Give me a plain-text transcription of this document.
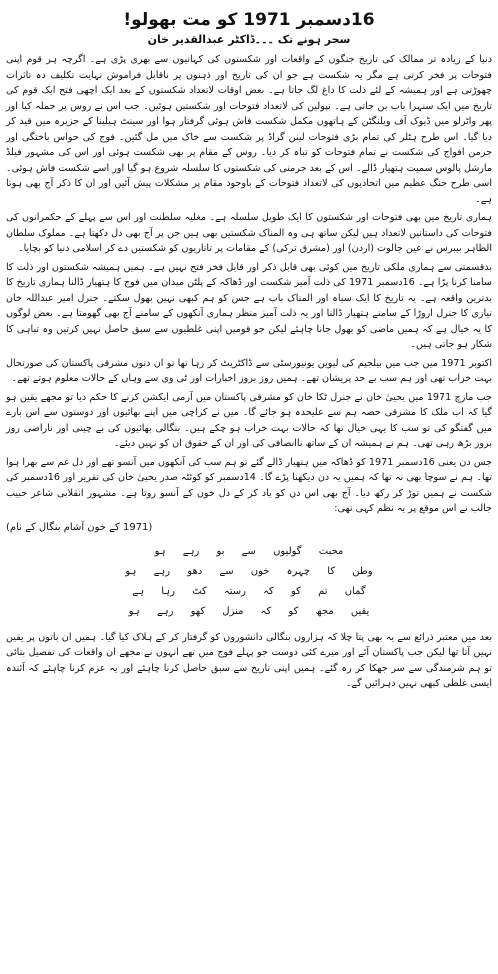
16دسمبر 1971 کو مت بھولو!
سحر ہونے تک ۔۔۔ڈاکٹر عبدالقدیر خان

دنیا کے زیادہ تر ممالک کی تاریخ جنگوں کے واقعات اور شکستوں کی کہانیوں سے بھری پڑی ہے۔ اگرچہ ہر قوم اپنی فتوحات پر فخر کرتی ہے مگر یہ شکست ہے جو ان کی تاریخ اور ذہنوں پر ناقابل فراموش نہایت تکلیف دہ تاثرات چھوڑتی ہے اور ہمیشہ کے لئے ذلت کا داغ لگ جاتا ہے۔ بعض اوقات لاتعداد شکستوں کے بعد ایک اچھی فتح ایک قوم کی تاریخ میں ایک سنہرا باب بن جاتی ہے۔ نپولین کی لاتعداد فتوحات اور شکستیں ہوئیں۔ جب اس نے روس پر حملہ کیا اور پھر واٹرلو میں ڈیوک آف ویلنگٹن کے ہاتھوں مکمل شکست فاش ہوئی گرفتار ہوا اور سینٹ ہیلینا کے جزیرہ میں قید کر دیا گیا۔ اس طرح ہٹلر کی تمام بڑی فتوحات لینن گراڈ پر شکست سے خاک میں مل گئیں۔ فوج کی حواس باختگی اور جرمن افواج کی شکست نے تمام فتوحات کو تباہ کر دیا۔ روس کے مقام پر بھی شکست ہوئی اور اس کی مشہور فیلڈ مارشل پالوس سمیت ہتھیار ڈالے۔ اس کے بعد جرمنی کی شکستوں کا سلسلہ شروع ہو گیا اور اسے شکست فاش ہوئی۔ اسی طرح جنگ عظیم میں اتحادیوں کی لاتعداد فتوحات کے باوجود مقام پر مشکلات پیش آئیں اور ان کا ذکر آج بھی ہوتا ہے۔

ہماری تاریخ میں بھی فتوحات اور شکستوں کا ایک طویل سلسلہ ہے۔ مغلیہ سلطنت اور اس سے پہلے کے حکمرانوں کی فتوحات کی داستانیں لاتعداد ہیں لیکن ساتھ ہی وہ المناک شکستیں بھی ہیں جن پر آج بھی دل دکھتا ہے۔ مملوک سلطان الظاہر بیبرس نے عین جالوت (اردن) اور (مشرق ترکی) کے مقامات پر تاتاریوں کو شکستیں دے کر اسلامی دنیا کو بچایا۔

بدقسمتی سے ہماری ملکی تاریخ میں کوئی بھی قابل ذکر اور قابل فخر فتح نہیں ہے۔ ہمیں ہمیشہ شکستوں اور ذلت کا سامنا کرنا پڑا ہے۔ 16دسمبر 1971 کی ذلت آمیز شکست اور ڈھاکہ کے پلٹن میدان میں فوج کا ہتھیار ڈالنا ہماری تاریخ کا بدترین واقعہ ہے۔ یہ تاریخ کا ایک سیاہ اور المناک باب ہے جس کو ہم کبھی نہیں بھول سکتے۔ جنرل امیر عبداللہ خان نیازی کا جنرل اروڑا کے سامنے ہتھیار ڈالنا اور یہ ذلت آمیز منظر ہماری آنکھوں کے سامنے آج بھی گھومتا ہے۔ بعض لوگوں کا یہ خیال ہے کہ ہمیں ماضی کو بھول جانا چاہئے لیکن جو قومیں اپنی غلطیوں سے سبق حاصل نہیں کرتیں وہ تباہی کا شکار ہو جاتی ہیں۔

اکتوبر 1971 میں جب میں بیلجیم کی لیوین یونیورسٹی سے ڈاکٹریٹ کر رہا تھا تو ان دنوں مشرقی پاکستان کی صورتحال بہت خراب تھی اور ہم سب بے حد پریشان تھے۔ ہمیں روز بروز اخبارات اور ٹی وی سے وہاں کے حالات معلوم ہوتے تھے۔

جب مارچ 1971 میں یحییٰ خان نے جنرل ٹکا خان کو مشرقی پاکستان میں آرمی ایکشن کرنے کا حکم دیا تو مجھے یقین ہو گیا کہ اب ملک کا مشرقی حصہ ہم سے علیحدہ ہو جائے گا۔ میں نے کراچی میں اپنے بھائیوں اور دوستوں سے اس بارے میں گفتگو کی تو سب کا یہی خیال تھا کہ حالات بہت خراب ہو چکے ہیں۔ بنگالی بھائیوں کی بے چینی اور ناراضی روز بروز بڑھ رہی تھی۔ ہم نے ہمیشہ ان کے ساتھ ناانصافی کی اور ان کے حقوق ان کو نہیں دیئے۔

جس دن یعنی 16دسمبر 1971 کو ڈھاکہ میں ہتھیار ڈالے گئے تو ہم سب کی آنکھوں میں آنسو تھے اور دل غم سے بھرا ہوا تھا۔ ہم نے سوچا بھی نہ تھا کہ ہمیں یہ دن دیکھنا پڑے گا۔ 14دسمبر کو کوئٹہ صدر یحییٰ خان کی تقریر اور 16دسمبر کی شکست نے ہمیں توڑ کر رکھ دیا۔ آج بھی اس دن کو یاد کر کے دل خون کے آنسو روتا ہے۔ مشہور انقلابی شاعر حبیب جالب نے اس موقع پر یہ نظم کہی تھی:

(1971 کے خون آشام بنگال کے نام)
محبت گولیوں سے بو رہے ہو
وطن کا چہرہ خوں سے دھو رہے ہو
گماں تم کو کہ رستہ کٹ رہا ہے
یقیں مجھ کو کہ منزل کھو رہے ہو

بعد میں معتبر ذرائع سے یہ بھی پتا چلا کہ ہزاروں بنگالی دانشوروں کو گرفتار کر کے ہلاک کیا گیا۔ ہمیں ان باتوں پر یقین نہیں آتا تھا لیکن جب پاکستان آئے اور میرے کئی دوست جو پہلے فوج میں تھے انہوں نے مجھے ان واقعات کی تفصیل بتائی تو ہم شرمندگی سے سر جھکا کر رہ گئے۔ ہمیں اپنی تاریخ سے سبق حاصل کرنا چاہئے اور یہ عزم کرنا چاہئے کہ آئندہ ایسی غلطی کبھی نہیں دہرائیں گے۔
